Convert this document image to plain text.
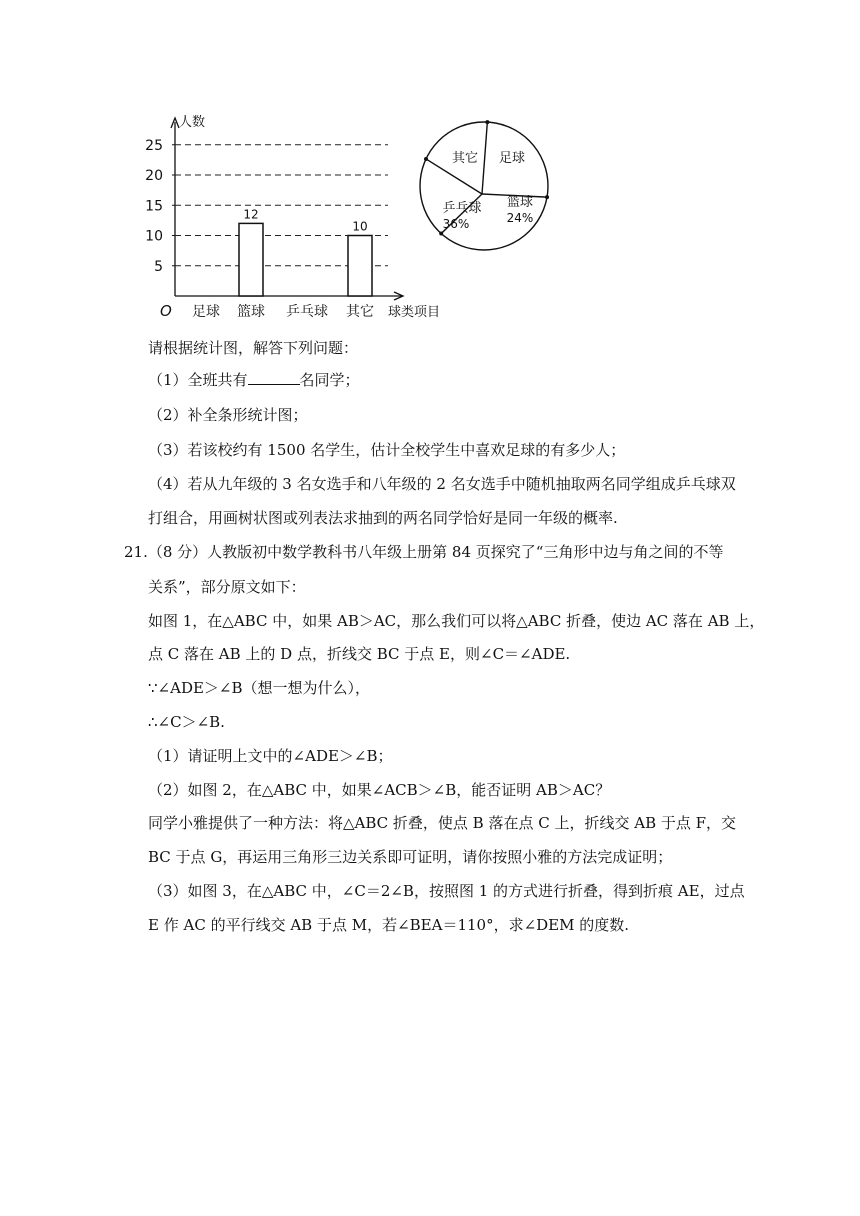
人数
球类项目
O
5
10
15
20
25
足球 篮球
12
乒乓球 其它
10
其它 足球
篮球
24%
乒乓球
36%
请根据统计图，解答下列问题：
（1）全班共有	名同学；
（2）补全条形统计图；
（3）若该校约有 1500 名学生，估计全校学生中喜欢足球的有多少人；
（4）若从九年级的 3 名女选手和八年级的 2 名女选手中随机抽取两名同学组成乒乓球双
打组合，用画树状图或列表法求抽到的两名同学恰好是同一年级的概率.
21.（8 分）人教版初中数学教科书八年级上册第 84 页探究了“三角形中边与角之间的不等
关系”，部分原文如下：
如图 1，在△ABC 中，如果 AB＞AC，那么我们可以将△ABC 折叠，使边 AC 落在 AB 上，
点 C 落在 AB 上的 D 点，折线交 BC 于点 E，则∠C＝∠ADE.
∵∠ADE＞∠B（想一想为什么），
∴∠C＞∠B.
（1）请证明上文中的∠ADE＞∠B；
（2）如图 2，在△ABC 中，如果∠ACB＞∠B，能否证明 AB＞AC？
同学小雅提供了一种方法：将△ABC 折叠，使点 B 落在点 C 上，折线交 AB 于点 F，交
BC 于点 G，再运用三角形三边关系即可证明，请你按照小雅的方法完成证明；
（3）如图 3，在△ABC 中，∠C＝2∠B，按照图 1 的方式进行折叠，得到折痕 AE，过点
E 作 AC 的平行线交 AB 于点 M，若∠BEA＝110°，求∠DEM 的度数.
